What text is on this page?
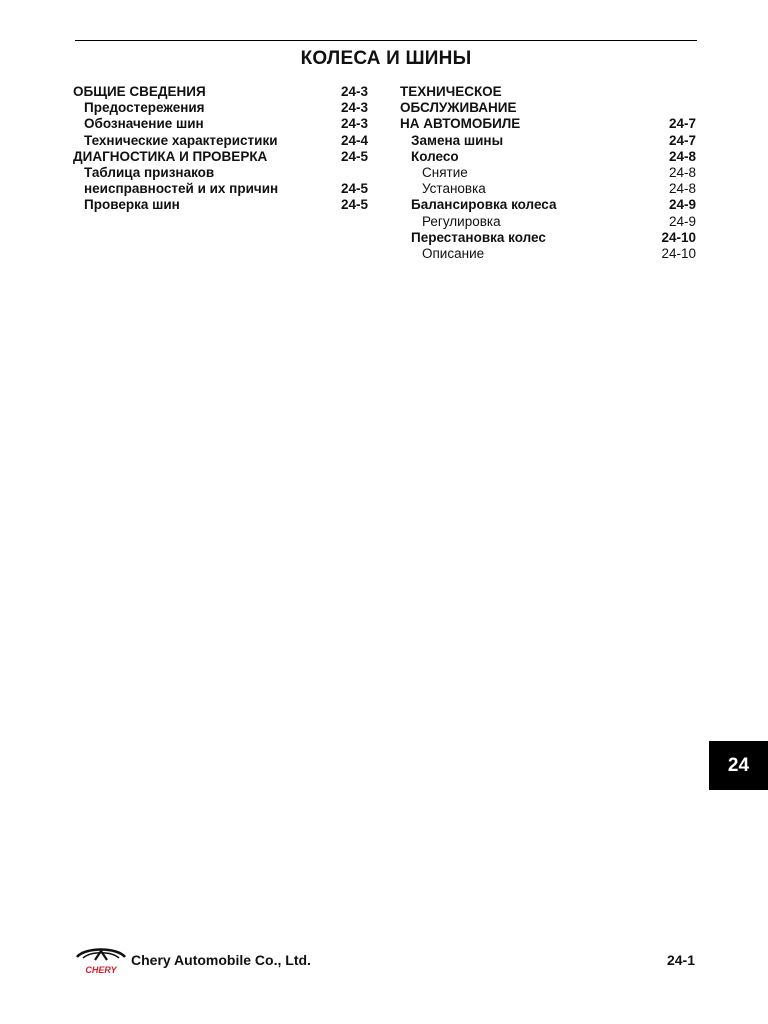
КОЛЕСА И ШИНЫ
ОБЩИЕ СВЕДЕНИЯ	24-3
Предостережения	24-3
Обозначение шин	24-3
Технические характеристики	24-4
ДИАГНОСТИКА И ПРОВЕРКА	24-5
Таблица признаков
неисправностей и их причин	24-5
Проверка шин	24-5
ТЕХНИЧЕСКОЕ
ОБСЛУЖИВАНИЕ
НА АВТОМОБИЛЕ	24-7
Замена шины	24-7
Колесо	24-8
Снятие	24-8
Установка	24-8
Балансировка колеса	24-9
Регулировка	24-9
Перестановка колес	24-10
Описание	24-10
24
CHERY
Chery Automobile Co., Ltd.	24-1
